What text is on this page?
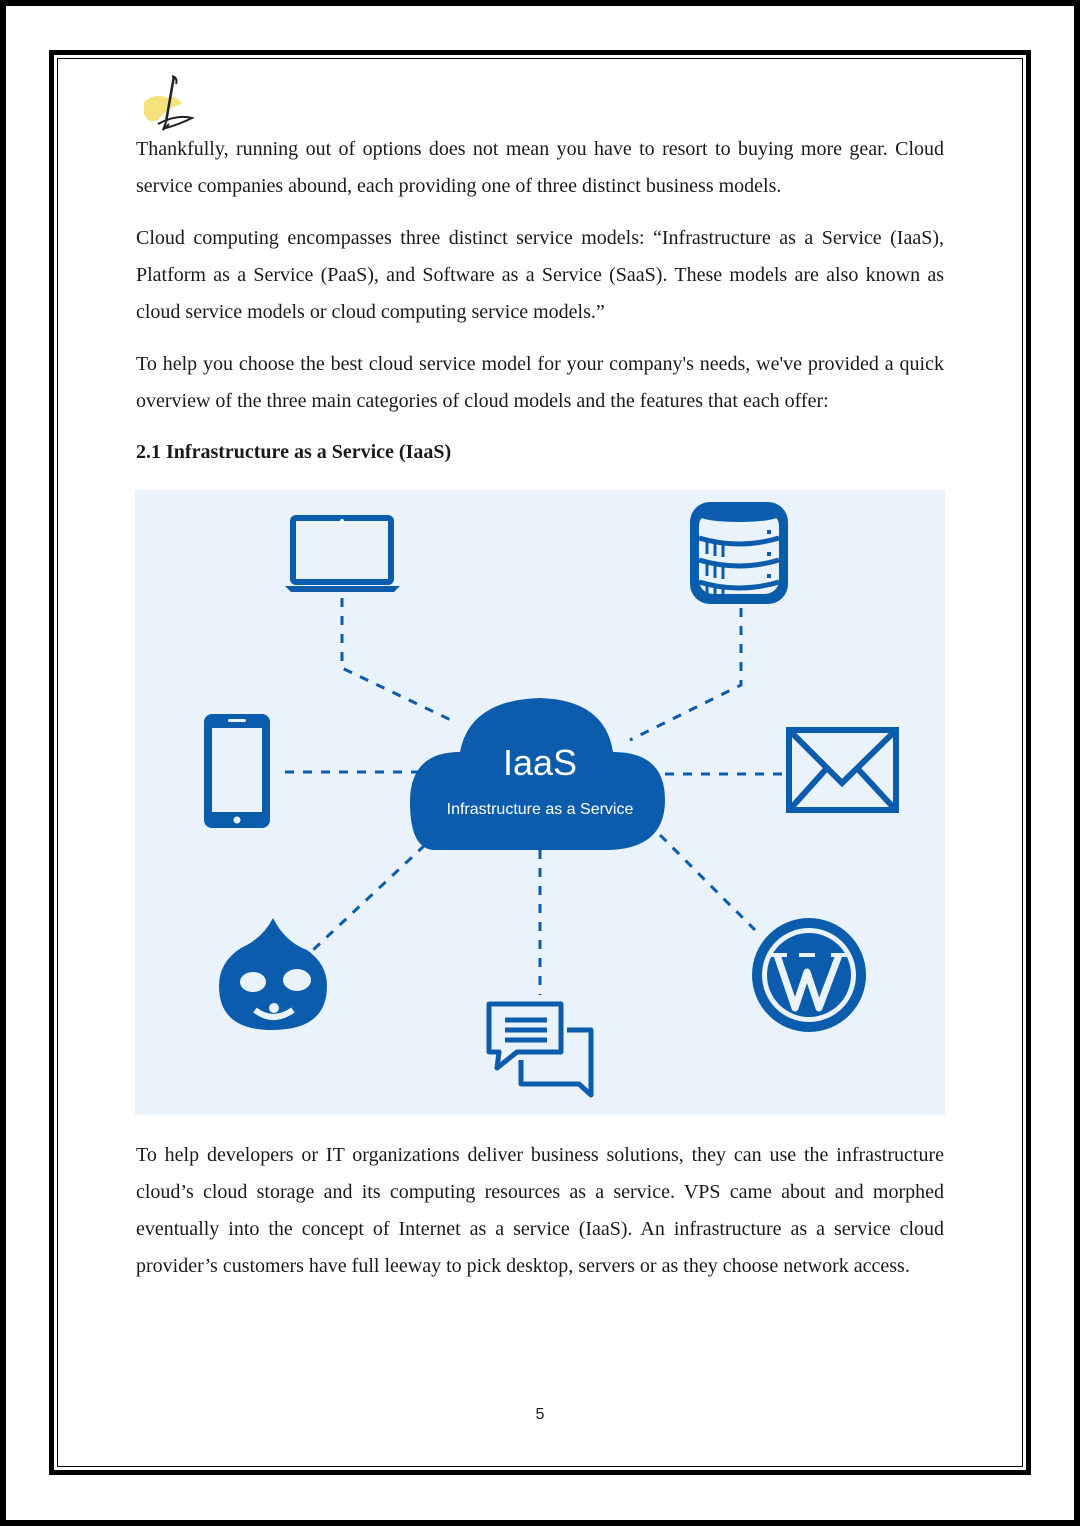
Thankfully, running out of options does not mean you have to resort to buying more gear. Cloud service companies abound, each providing one of three distinct business models.

Cloud computing encompasses three distinct service models: “Infrastructure as a Service (IaaS), Platform as a Service (PaaS), and Software as a Service (SaaS). These models are also known as cloud service models or cloud computing service models.”

To help you choose the best cloud service model for your company's needs, we've provided a quick overview of the three main categories of cloud models and the features that each offer:

2.1 Infrastructure as a Service (IaaS)
IaaS
Infrastructure as a Service

To help developers or IT organizations deliver business solutions, they can use the infrastructure cloud’s cloud storage and its computing resources as a service. VPS came about and morphed eventually into the concept of Internet as a service (IaaS). An infrastructure as a service cloud provider’s customers have full leeway to pick desktop, servers or as they choose network access.

5
